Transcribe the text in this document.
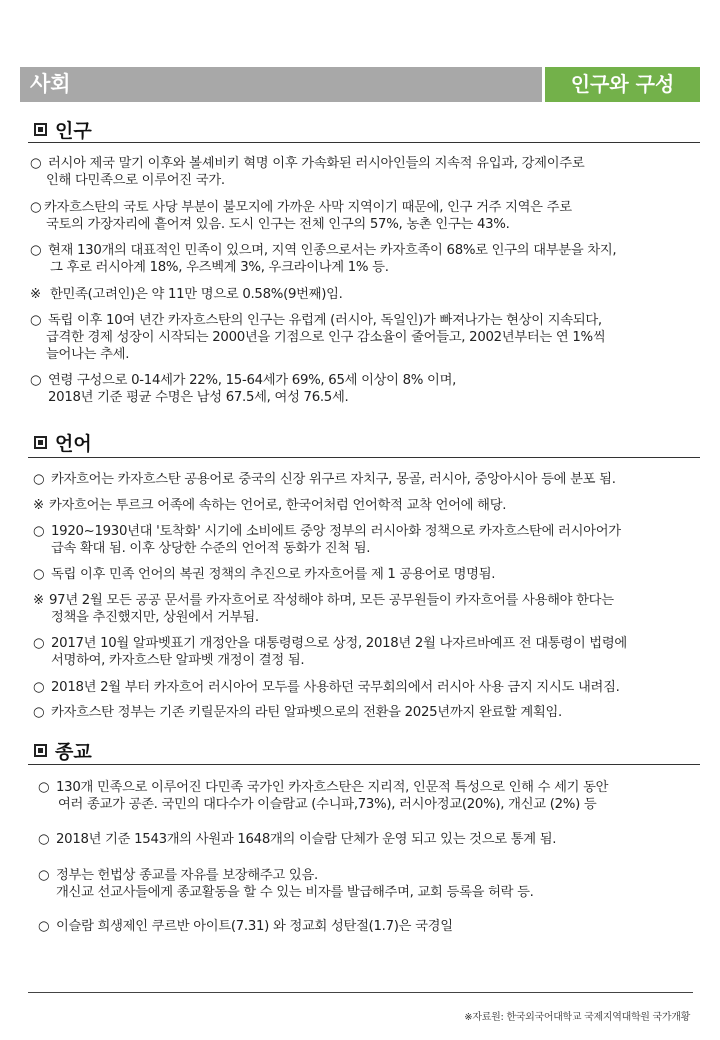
사회	인구와 구성
인구
○ 러시아 제국 말기 이후와 볼셰비키 혁명 이후 가속화된 러시아인들의 지속적 유입과, 강제이주로
인해 다민족으로 이루어진 국가.
○ 카자흐스탄의 국토 사당 부분이 불모지에 가까운 사막 지역이기 때문에, 인구 거주 지역은 주로
국토의 가장자리에 흩어져 있음. 도시 인구는 전체 인구의 57%, 농촌 인구는 43%.
○ 현재 130개의 대표적인 민족이 있으며, 지역 인종으로서는 카자흐족이 68%로 인구의 대부분을 차지,
그 후로 러시아계 18%, 우즈벡계 3%, 우크라이나계 1% 등.
※ 한민족(고려인)은 약 11만 명으로 0.58%(9번째)임.
○ 독립 이후 10여 년간 카자흐스탄의 인구는 유럽계 (러시아, 독일인)가 빠져나가는 현상이 지속되다,
급격한 경제 성장이 시작되는 2000년을 기점으로 인구 감소율이 줄어들고, 2002년부터는 연 1%씩
늘어나는 추세.
○ 연령 구성으로 0-14세가 22%, 15-64세가 69%, 65세 이상이 8% 이며,
2018년 기준 평균 수명은 남성 67.5세, 여성 76.5세.
언어
○ 카자흐어는 카자흐스탄 공용어로 중국의 신장 위구르 자치구, 몽골, 러시아, 중앙아시아 등에 분포 됨.
※ 카자흐어는 투르크 어족에 속하는 언어로, 한국어처럼 언어학적 교착 언어에 해당.
○ 1920~1930년대 '토착화' 시기에 소비에트 중앙 정부의 러시아화 정책으로 카자흐스탄에 러시아어가
급속 확대 됨. 이후 상당한 수준의 언어적 동화가 진척 됨.
○ 독립 이후 민족 언어의 복권 정책의 추진으로 카자흐어를 제 1 공용어로 명명됨.
※ 97년 2월 모든 공공 문서를 카자흐어로 작성해야 하며, 모든 공무원들이 카자흐어를 사용해야 한다는
정책을 추진했지만, 상원에서 거부됨.
○ 2017년 10월 알파벳표기 개정안을 대통령령으로 상정, 2018년 2월 나자르바예프 전 대통령이 법령에
서명하여, 카자흐스탄 알파벳 개정이 결정 됨.
○ 2018년 2월 부터 카자흐어 러시아어 모두를 사용하던 국무회의에서 러시아 사용 금지 지시도 내려짐.
○ 카자흐스탄 정부는 기존 키릴문자의 라틴 알파벳으로의 전환을 2025년까지 완료할 계획임.
종교
○ 130개 민족으로 이루어진 다민족 국가인 카자흐스탄은 지리적, 인문적 특성으로 인해 수 세기 동안
여러 종교가 공존. 국민의 대다수가 이슬람교 (수니파,73%), 러시아정교(20%), 개신교 (2%) 등
○ 2018년 기준 1543개의 사원과 1648개의 이슬람 단체가 운영 되고 있는 것으로 통계 됨.
○ 정부는 헌법상 종교를 자유를 보장해주고 있음.
개신교 선교사들에게 종교활동을 할 수 있는 비자를 발급해주며, 교회 등록을 허락 등.
○ 이슬람 희생제인 쿠르반 아이트(7.31) 와 정교회 성탄절(1.7)은 국경일
※자료원: 한국외국어대학교 국제지역대학원 국가개황
